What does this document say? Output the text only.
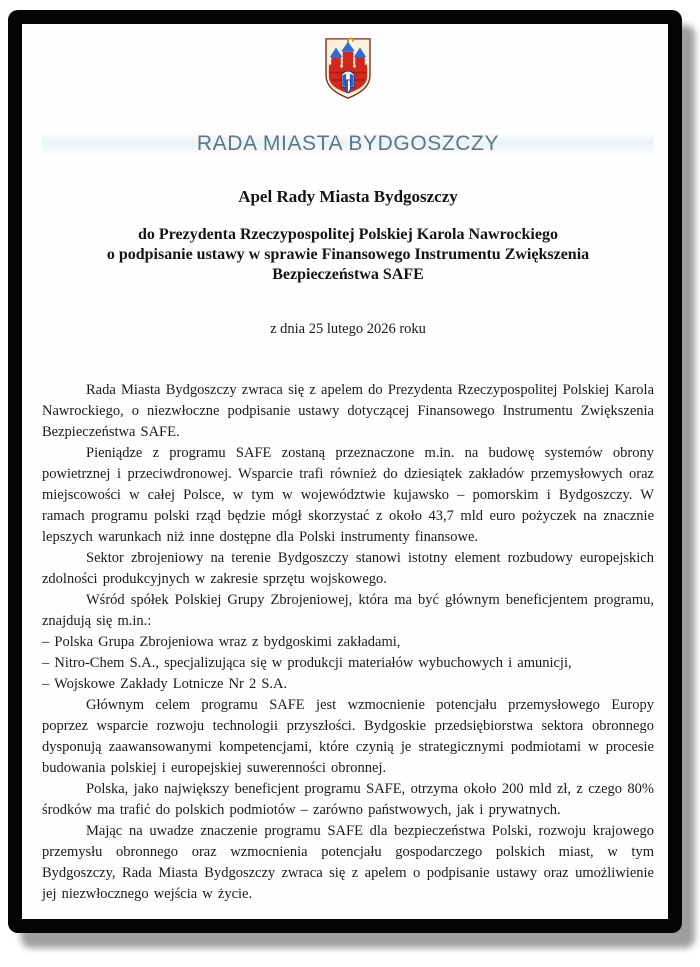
RADA MIASTA BYDGOSZCZY
Apel Rady Miasta Bydgoszczy
do Prezydenta Rzeczypospolitej Polskiej Karola Nawrockiego
o podpisanie ustawy w sprawie Finansowego Instrumentu Zwiększenia
Bezpieczeństwa SAFE
z dnia 25 lutego 2026 roku

Rada Miasta Bydgoszczy zwraca się z apelem do Prezydenta Rzeczypospolitej Polskiej Karola Nawrockiego, o niezwłoczne podpisanie ustawy dotyczącej Finansowego Instrumentu Zwiększenia Bezpieczeństwa SAFE.

Pieniądze z programu SAFE zostaną przeznaczone m.in. na budowę systemów obrony powietrznej i przeciwdronowej. Wsparcie trafi również do dziesiątek zakładów przemysłowych oraz miejscowości w całej Polsce, w tym w województwie kujawsko – pomorskim i Bydgoszczy. W ramach programu polski rząd będzie mógł skorzystać z około 43,7 mld euro pożyczek na znacznie lepszych warunkach niż inne dostępne dla Polski instrumenty finansowe.

Sektor zbrojeniowy na terenie Bydgoszczy stanowi istotny element rozbudowy europejskich zdolności produkcyjnych w zakresie sprzętu wojskowego.

Wśród spółek Polskiej Grupy Zbrojeniowej, która ma być głównym beneficjentem programu, znajdują się m.in.:

– Polska Grupa Zbrojeniowa wraz z bydgoskimi zakładami,

– Nitro-Chem S.A., specjalizująca się w produkcji materiałów wybuchowych i amunicji,

– Wojskowe Zakłady Lotnicze Nr 2 S.A.

Głównym celem programu SAFE jest wzmocnienie potencjału przemysłowego Europy poprzez wsparcie rozwoju technologii przyszłości. Bydgoskie przedsiębiorstwa sektora obronnego dysponują zaawansowanymi kompetencjami, które czynią je strategicznymi podmiotami w procesie budowania polskiej i europejskiej suwerenności obronnej.

Polska, jako największy beneficjent programu SAFE, otrzyma około 200 mld zł, z czego 80% środków ma trafić do polskich podmiotów – zarówno państwowych, jak i prywatnych.

Mając na uwadze znaczenie programu SAFE dla bezpieczeństwa Polski, rozwoju krajowego przemysłu obronnego oraz wzmocnienia potencjału gospodarczego polskich miast, w tym Bydgoszczy, Rada Miasta Bydgoszczy zwraca się z apelem o podpisanie ustawy oraz umożliwienie jej niezwłocznego wejścia w życie.
